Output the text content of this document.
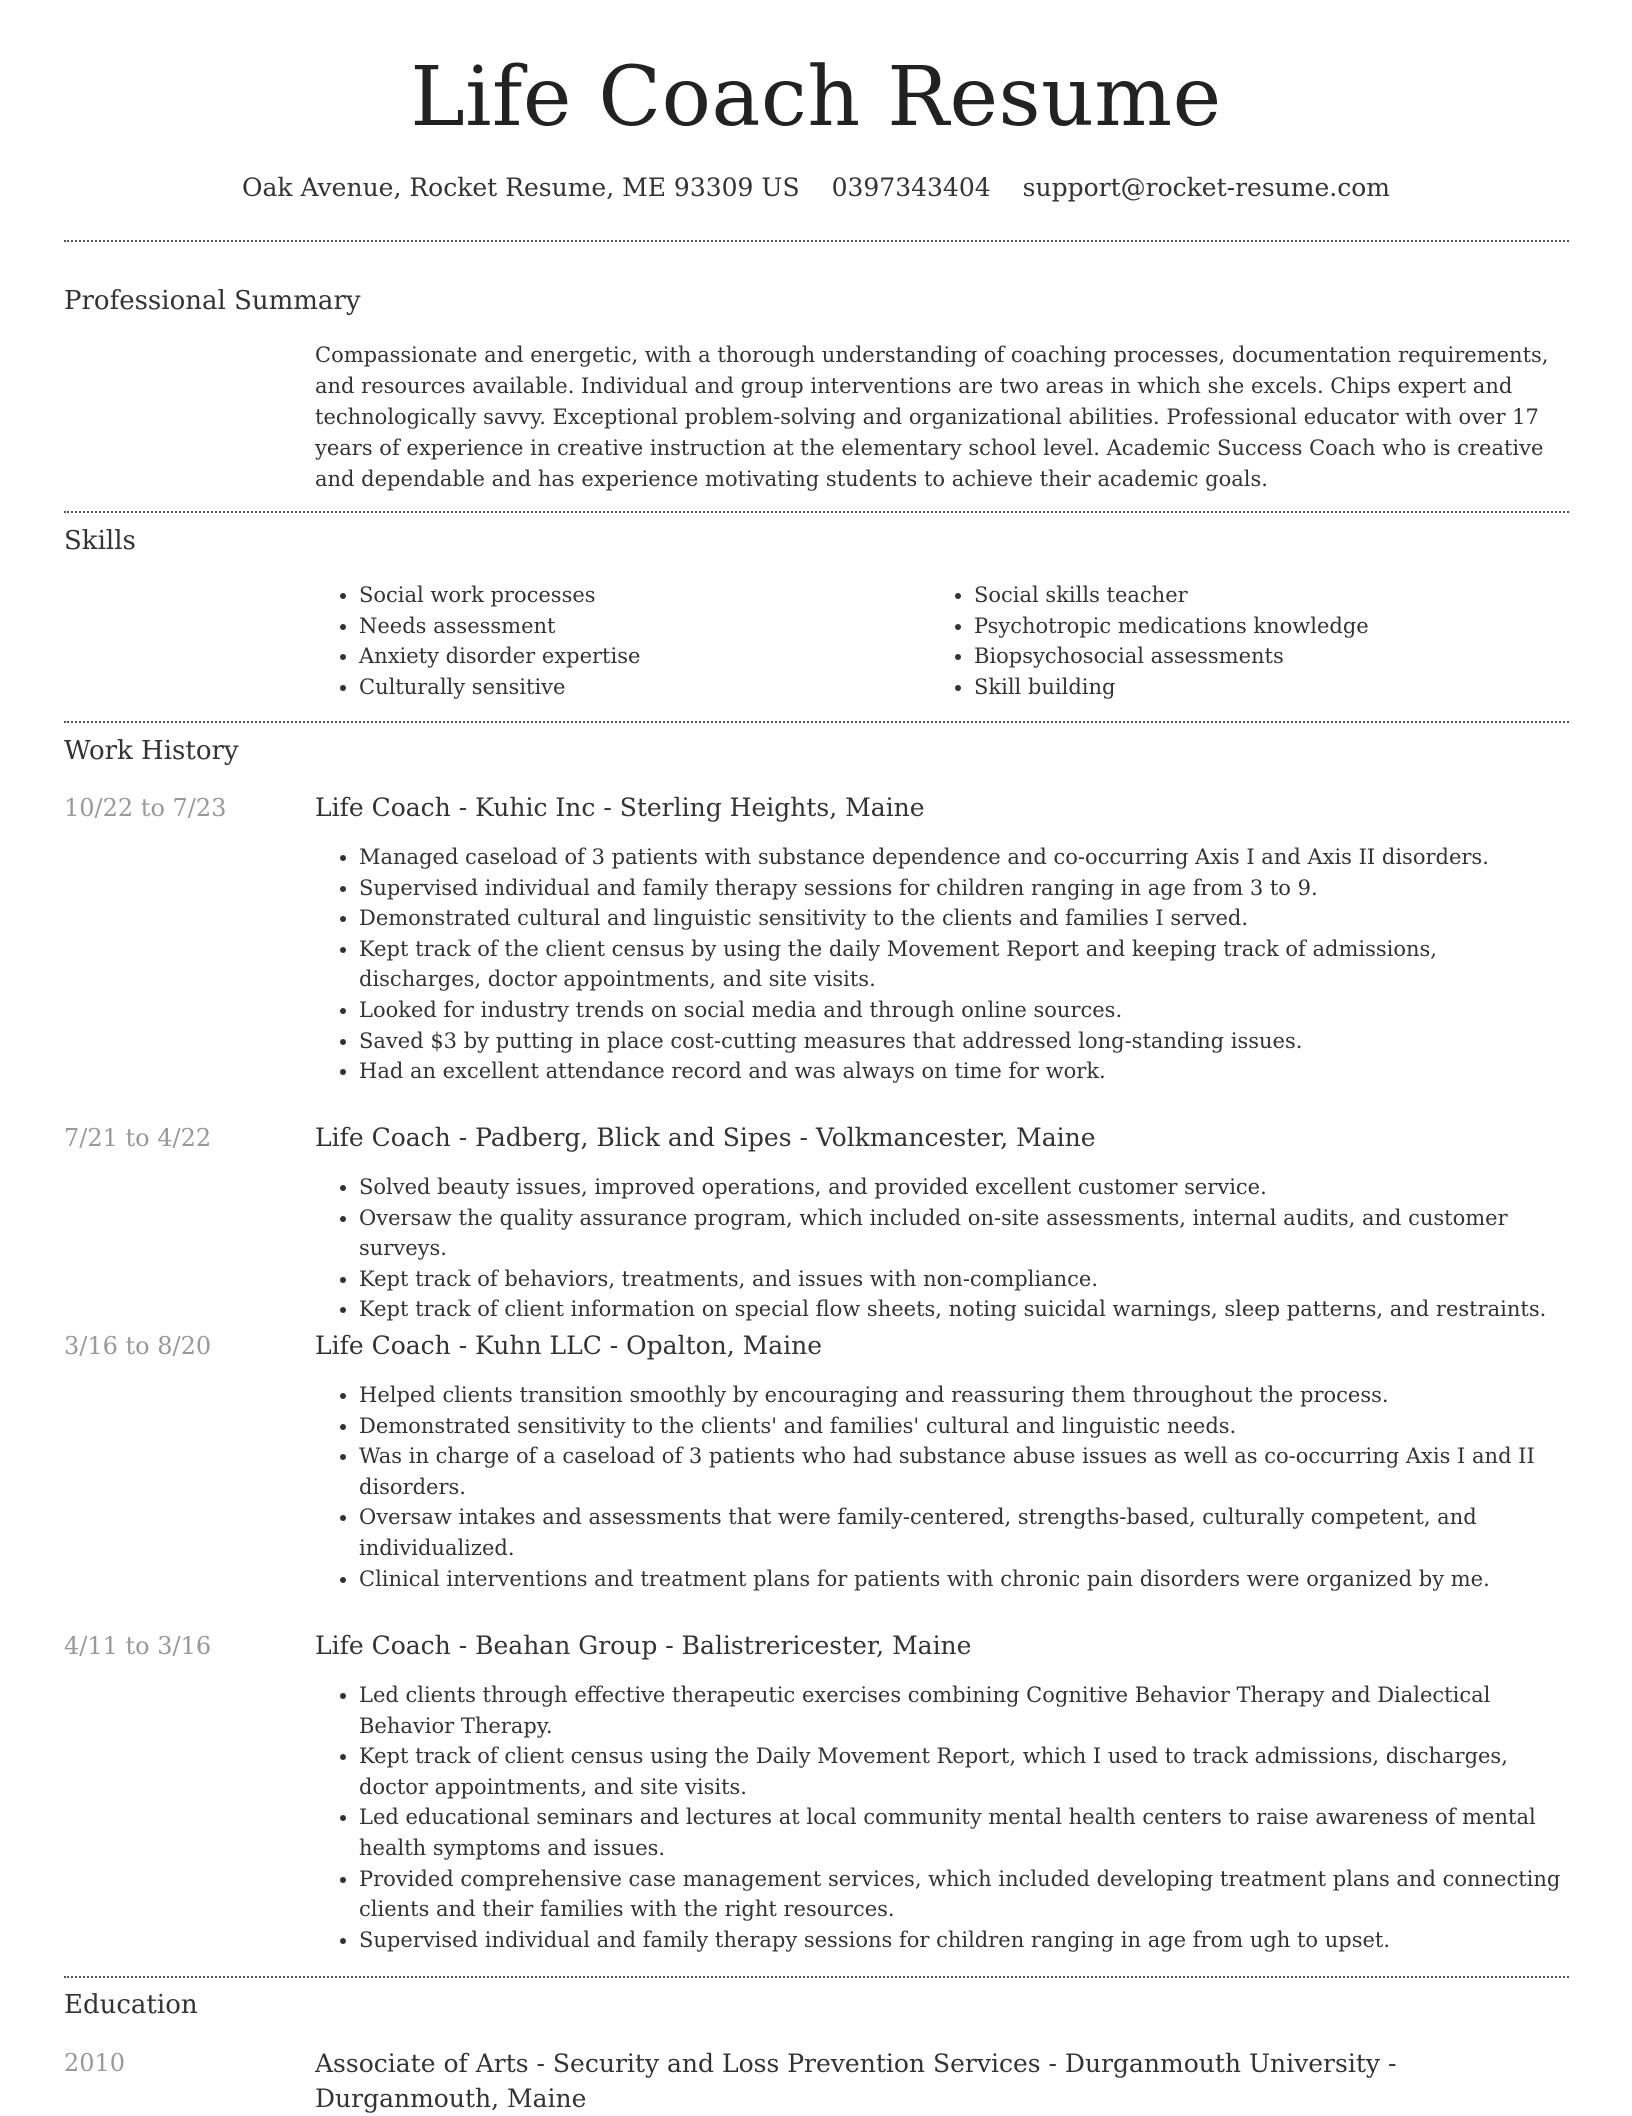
Life Coach Resume
Oak Avenue, Rocket Resume, ME 93309 US 0397343404 support@rocket-resume.com
Professional Summary

Compassionate and energetic, with a thorough understanding of coaching processes, documentation requirements, and resources available. Individual and group interventions are two areas in which she excels. Chips expert and technologically savvy. Exceptional problem-solving and organizational abilities. Professional educator with over 17 years of experience in creative instruction at the elementary school level. Academic Success Coach who is creative and dependable and has experience motivating students to achieve their academic goals.

Skills
• Social work processes
• Needs assessment
• Anxiety disorder expertise
• Culturally sensitive
• Social skills teacher
• Psychotropic medications knowledge
• Biopsychosocial assessments
• Skill building
Work History
10/22 to 7/23	Life Coach - Kuhic Inc - Sterling Heights, Maine
• Managed caseload of 3 patients with substance dependence and co-occurring Axis I and Axis II disorders.
• Supervised individual and family therapy sessions for children ranging in age from 3 to 9.
• Demonstrated cultural and linguistic sensitivity to the clients and families I served.
• Kept track of the client census by using the daily Movement Report and keeping track of admissions, discharges, doctor appointments, and site visits.
• Looked for industry trends on social media and through online sources.
• Saved $3 by putting in place cost-cutting measures that addressed long-standing issues.
• Had an excellent attendance record and was always on time for work.
7/21 to 4/22	Life Coach - Padberg, Blick and Sipes - Volkmancester, Maine
• Solved beauty issues, improved operations, and provided excellent customer service.
• Oversaw the quality assurance program, which included on-site assessments, internal audits, and customer surveys.
• Kept track of behaviors, treatments, and issues with non-compliance.
• Kept track of client information on special flow sheets, noting suicidal warnings, sleep patterns, and restraints.
3/16 to 8/20	Life Coach - Kuhn LLC - Opalton, Maine
• Helped clients transition smoothly by encouraging and reassuring them throughout the process.
• Demonstrated sensitivity to the clients' and families' cultural and linguistic needs.
• Was in charge of a caseload of 3 patients who had substance abuse issues as well as co-occurring Axis I and II disorders.
• Oversaw intakes and assessments that were family-centered, strengths-based, culturally competent, and individualized.
• Clinical interventions and treatment plans for patients with chronic pain disorders were organized by me.
4/11 to 3/16	Life Coach - Beahan Group - Balistrericester, Maine
• Led clients through effective therapeutic exercises combining Cognitive Behavior Therapy and Dialectical Behavior Therapy.
• Kept track of client census using the Daily Movement Report, which I used to track admissions, discharges, doctor appointments, and site visits.
• Led educational seminars and lectures at local community mental health centers to raise awareness of mental health symptoms and issues.
• Provided comprehensive case management services, which included developing treatment plans and connecting clients and their families with the right resources.
• Supervised individual and family therapy sessions for children ranging in age from ugh to upset.
Education
2010	Associate of Arts - Security and Loss Prevention Services - Durganmouth University - Durganmouth, Maine
